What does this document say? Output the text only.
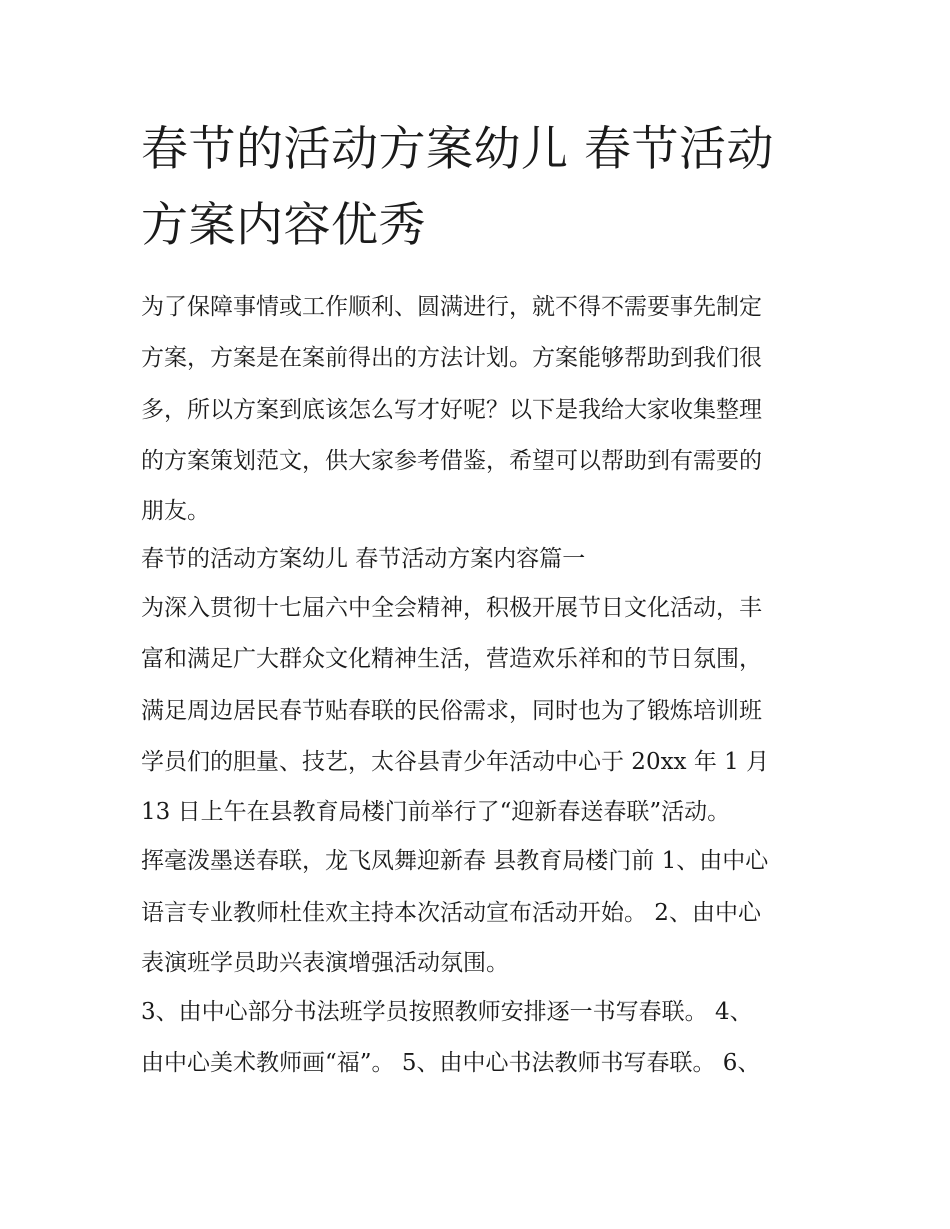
春节的活动方案幼儿 春节活动
方案内容优秀
为了保障事情或工作顺利、圆满进行，就不得不需要事先制定
方案，方案是在案前得出的方法计划。方案能够帮助到我们很
多，所以方案到底该怎么写才好呢？以下是我给大家收集整理
的方案策划范文，供大家参考借鉴，希望可以帮助到有需要的
朋友。
春节的活动方案幼儿 春节活动方案内容篇一
为深入贯彻十七届六中全会精神，积极开展节日文化活动，丰
富和满足广大群众文化精神生活，营造欢乐祥和的节日氛围，
满足周边居民春节贴春联的民俗需求，同时也为了锻炼培训班
学员们的胆量、技艺，太谷县青少年活动中心于 20xx 年 1 月
13 日上午在县教育局楼门前举行了“迎新春送春联”活动。
挥毫泼墨送春联，龙飞凤舞迎新春 县教育局楼门前 1、由中心
语言专业教师杜佳欢主持本次活动宣布活动开始。 2、由中心
表演班学员助兴表演增强活动氛围。
3、由中心部分书法班学员按照教师安排逐一书写春联。 4、
由中心美术教师画“福”。 5、由中心书法教师书写春联。 6、
